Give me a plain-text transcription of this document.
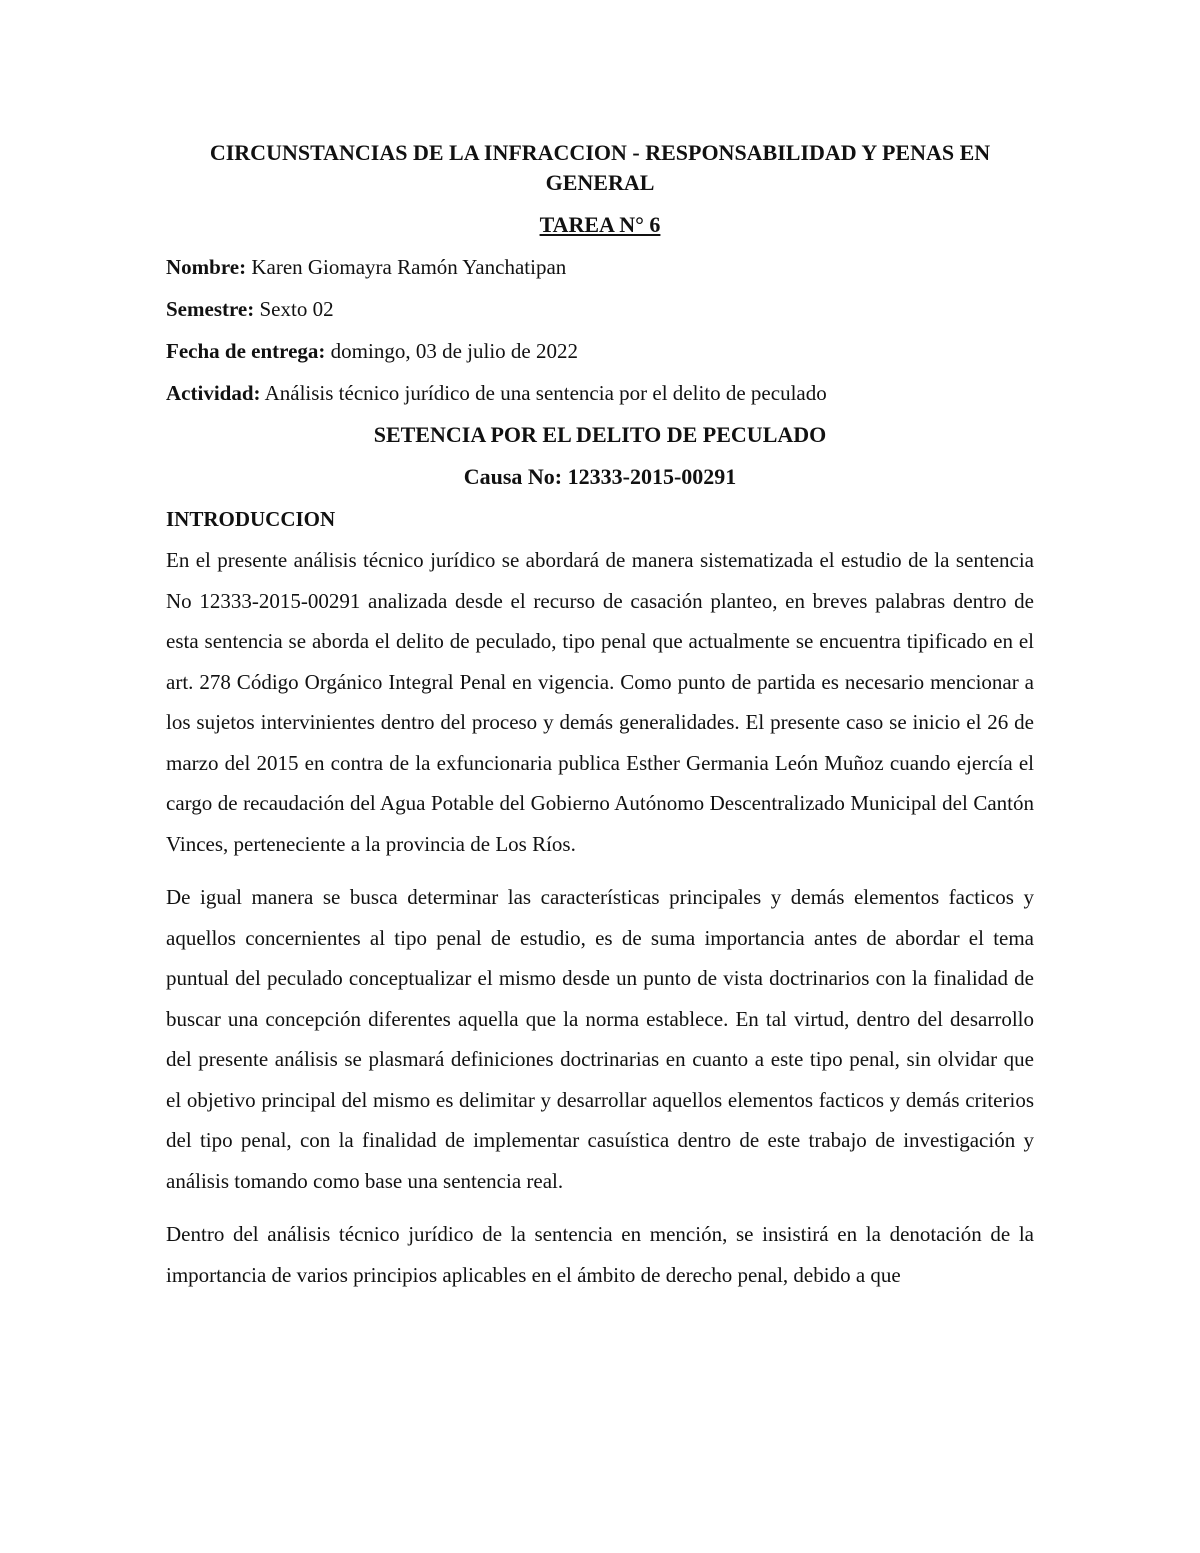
CIRCUNSTANCIAS DE LA INFRACCION - RESPONSABILIDAD Y PENAS EN GENERAL
TAREA N° 6
Nombre: Karen Giomayra Ramón Yanchatipan
Semestre: Sexto 02
Fecha de entrega: domingo, 03 de julio de 2022
Actividad: Análisis técnico jurídico de una sentencia por el delito de peculado
SETENCIA POR EL DELITO DE PECULADO
Causa No: 12333-2015-00291
INTRODUCCION

En el presente análisis técnico jurídico se abordará de manera sistematizada el estudio de la sentencia No 12333-2015-00291 analizada desde el recurso de casación planteo, en breves palabras dentro de esta sentencia se aborda el delito de peculado, tipo penal que actualmente se encuentra tipificado en el art. 278 Código Orgánico Integral Penal en vigencia. Como punto de partida es necesario mencionar a los sujetos intervinientes dentro del proceso y demás generalidades. El presente caso se inicio el 26 de marzo del 2015 en contra de la exfuncionaria publica Esther Germania León Muñoz cuando ejercía el cargo de recaudación del Agua Potable del Gobierno Autónomo Descentralizado Municipal del Cantón Vinces, perteneciente a la provincia de Los Ríos.

De igual manera se busca determinar las características principales y demás elementos facticos y aquellos concernientes al tipo penal de estudio, es de suma importancia antes de abordar el tema puntual del peculado conceptualizar el mismo desde un punto de vista doctrinarios con la finalidad de buscar una concepción diferentes aquella que la norma establece. En tal virtud, dentro del desarrollo del presente análisis se plasmará definiciones doctrinarias en cuanto a este tipo penal, sin olvidar que el objetivo principal del mismo es delimitar y desarrollar aquellos elementos facticos y demás criterios del tipo penal, con la finalidad de implementar casuística dentro de este trabajo de investigación y análisis tomando como base una sentencia real.

Dentro del análisis técnico jurídico de la sentencia en mención, se insistirá en la denotación de la importancia de varios principios aplicables en el ámbito de derecho penal, debido a que
